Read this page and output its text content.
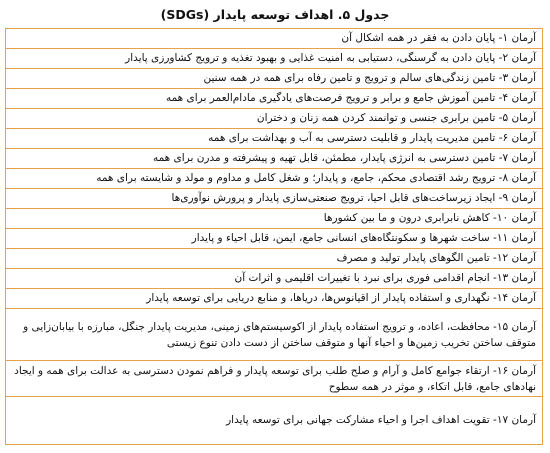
جدول ۵. اهداف توسعه پایدار (SDGs)
آرمان ۱- پایان دادن به فقر در همه اشکال آن
آرمان ۲- پایان دادن به گرسنگی، دستیابی به امنیت غذایی و بهبود تغذیه و ترویج کشاورزی پایدار
آرمان ۳- تامین زندگی‌های سالم و ترویج و تامین رفاه برای همه در همه سنین
آرمان ۴- تامین آموزش جامع و برابر و ترویج فرصت‌های یادگیری مادام‌العمر برای همه
آرمان ۵- تامین برابری جنسی و توانمند کردن همه زنان و دختران
آرمان ۶- تامین مدیریت پایدار و قابلیت دسترسی به آب و بهداشت برای همه
آرمان ۷- تامین دسترسی به انرژی پایدار، مطمئن، قابل تهیه و پیشرفته و مدرن برای همه
آرمان ۸- ترویج رشد اقتصادی محکم، جامع، و پایدار؛ و شغل کامل و مداوم و مولد و شایسته برای همه
آرمان ۹- ایجاد زیرساخت‌های قابل احیا، ترویج صنعتی‌سازی پایدار و پرورش نوآوری‌ها
آرمان ۱۰- کاهش نابرابری درون و ما بین کشورها
آرمان ۱۱- ساخت شهرها و سکونتگاه‌های انسانی جامع، ایمن، قابل احیاء و پایدار
آرمان ۱۲- تامین الگوهای پایدار تولید و مصرف
آرمان ۱۳- انجام اقدامی فوری برای نبرد با تغییرات اقلیمی و اثرات آن
آرمان ۱۴- نگهداری و استفاده پایدار از اقیانوس‌ها، دریاها، و منابع دریایی برای توسعه پایدار
آرمان ۱۵- محافظت، اعاده، و ترویج استفاده پایدار از اکوسیستم‌های زمینی، مدیریت پایدار جنگل، مبارزه با بیابان‌زایی و متوقف ساختن تخریب زمین‌ها و احیاء آنها و متوقف ساختن از دست دادن تنوع زیستی
آرمان ۱۶- ارتقاء جوامع کامل و آرام و صلح طلب برای توسعه پایدار و فراهم نمودن دسترسی به عدالت برای همه و ایجاد نهادهای جامع، قابل اتکاء، و موثر در همه سطوح
آرمان ۱۷- تقویت اهداف اجرا و احیاء مشارکت جهانی برای توسعه پایدار
